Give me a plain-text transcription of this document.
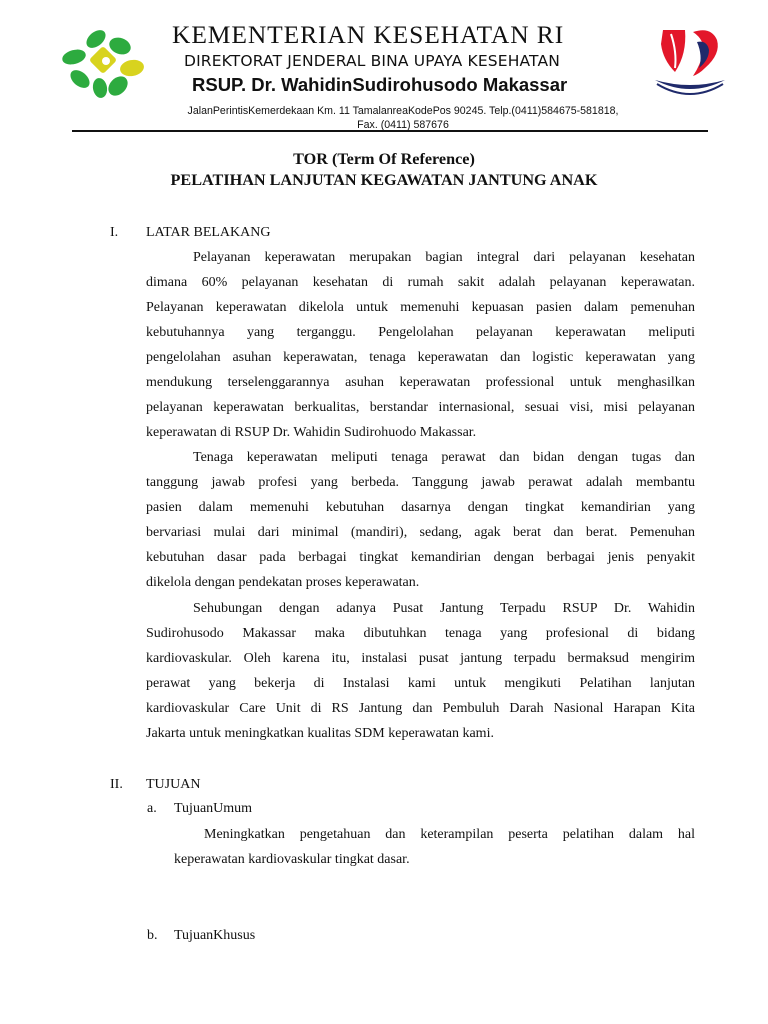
KEMENTERIAN KESEHATAN RI
DIREKTORAT JENDERAL BINA UPAYA KESEHATAN
RSUP. Dr. WahidinSudirohusodo Makassar
JalanPerintisKemerdekaan Km. 11 TamalanreaKodePos 90245. Telp.(0411)584675-581818,
Fax. (0411) 587676
TOR (Term Of Reference)
PELATIHAN LANJUTAN KEGAWATAN JANTUNG ANAK
I. LATAR BELAKANG
Pelayanan keperawatan merupakan bagian integral dari pelayanan kesehatan
dimana 60% pelayanan kesehatan di rumah sakit adalah pelayanan keperawatan.
Pelayanan keperawatan dikelola untuk memenuhi kepuasan pasien dalam pemenuhan
kebutuhannya yang terganggu. Pengelolahan pelayanan keperawatan meliputi
pengelolahan asuhan keperawatan, tenaga keperawatan dan logistic keperawatan yang
mendukung terselenggarannya asuhan keperawatan professional untuk menghasilkan
pelayanan keperawatan berkualitas, berstandar internasional, sesuai visi, misi pelayanan
keperawatan di RSUP Dr. Wahidin Sudirohuodo Makassar.
Tenaga keperawatan meliputi tenaga perawat dan bidan dengan tugas dan
tanggung jawab profesi yang berbeda. Tanggung jawab perawat adalah membantu
pasien dalam memenuhi kebutuhan dasarnya dengan tingkat kemandirian yang
bervariasi mulai dari minimal (mandiri), sedang, agak berat dan berat. Pemenuhan
kebutuhan dasar pada berbagai tingkat kemandirian dengan berbagai jenis penyakit
dikelola dengan pendekatan proses keperawatan.
Sehubungan dengan adanya Pusat Jantung Terpadu RSUP Dr. Wahidin
Sudirohusodo Makassar maka dibutuhkan tenaga yang profesional di bidang
kardiovaskular. Oleh karena itu, instalasi pusat jantung terpadu bermaksud mengirim
perawat yang bekerja di Instalasi kami untuk mengikuti Pelatihan lanjutan
kardiovaskular Care Unit di RS Jantung dan Pembuluh Darah Nasional Harapan Kita
Jakarta untuk meningkatkan kualitas SDM keperawatan kami.
II. TUJUAN
a. TujuanUmum
Meningkatkan pengetahuan dan keterampilan peserta pelatihan dalam hal
keperawatan kardiovaskular tingkat dasar.
b. TujuanKhusus
